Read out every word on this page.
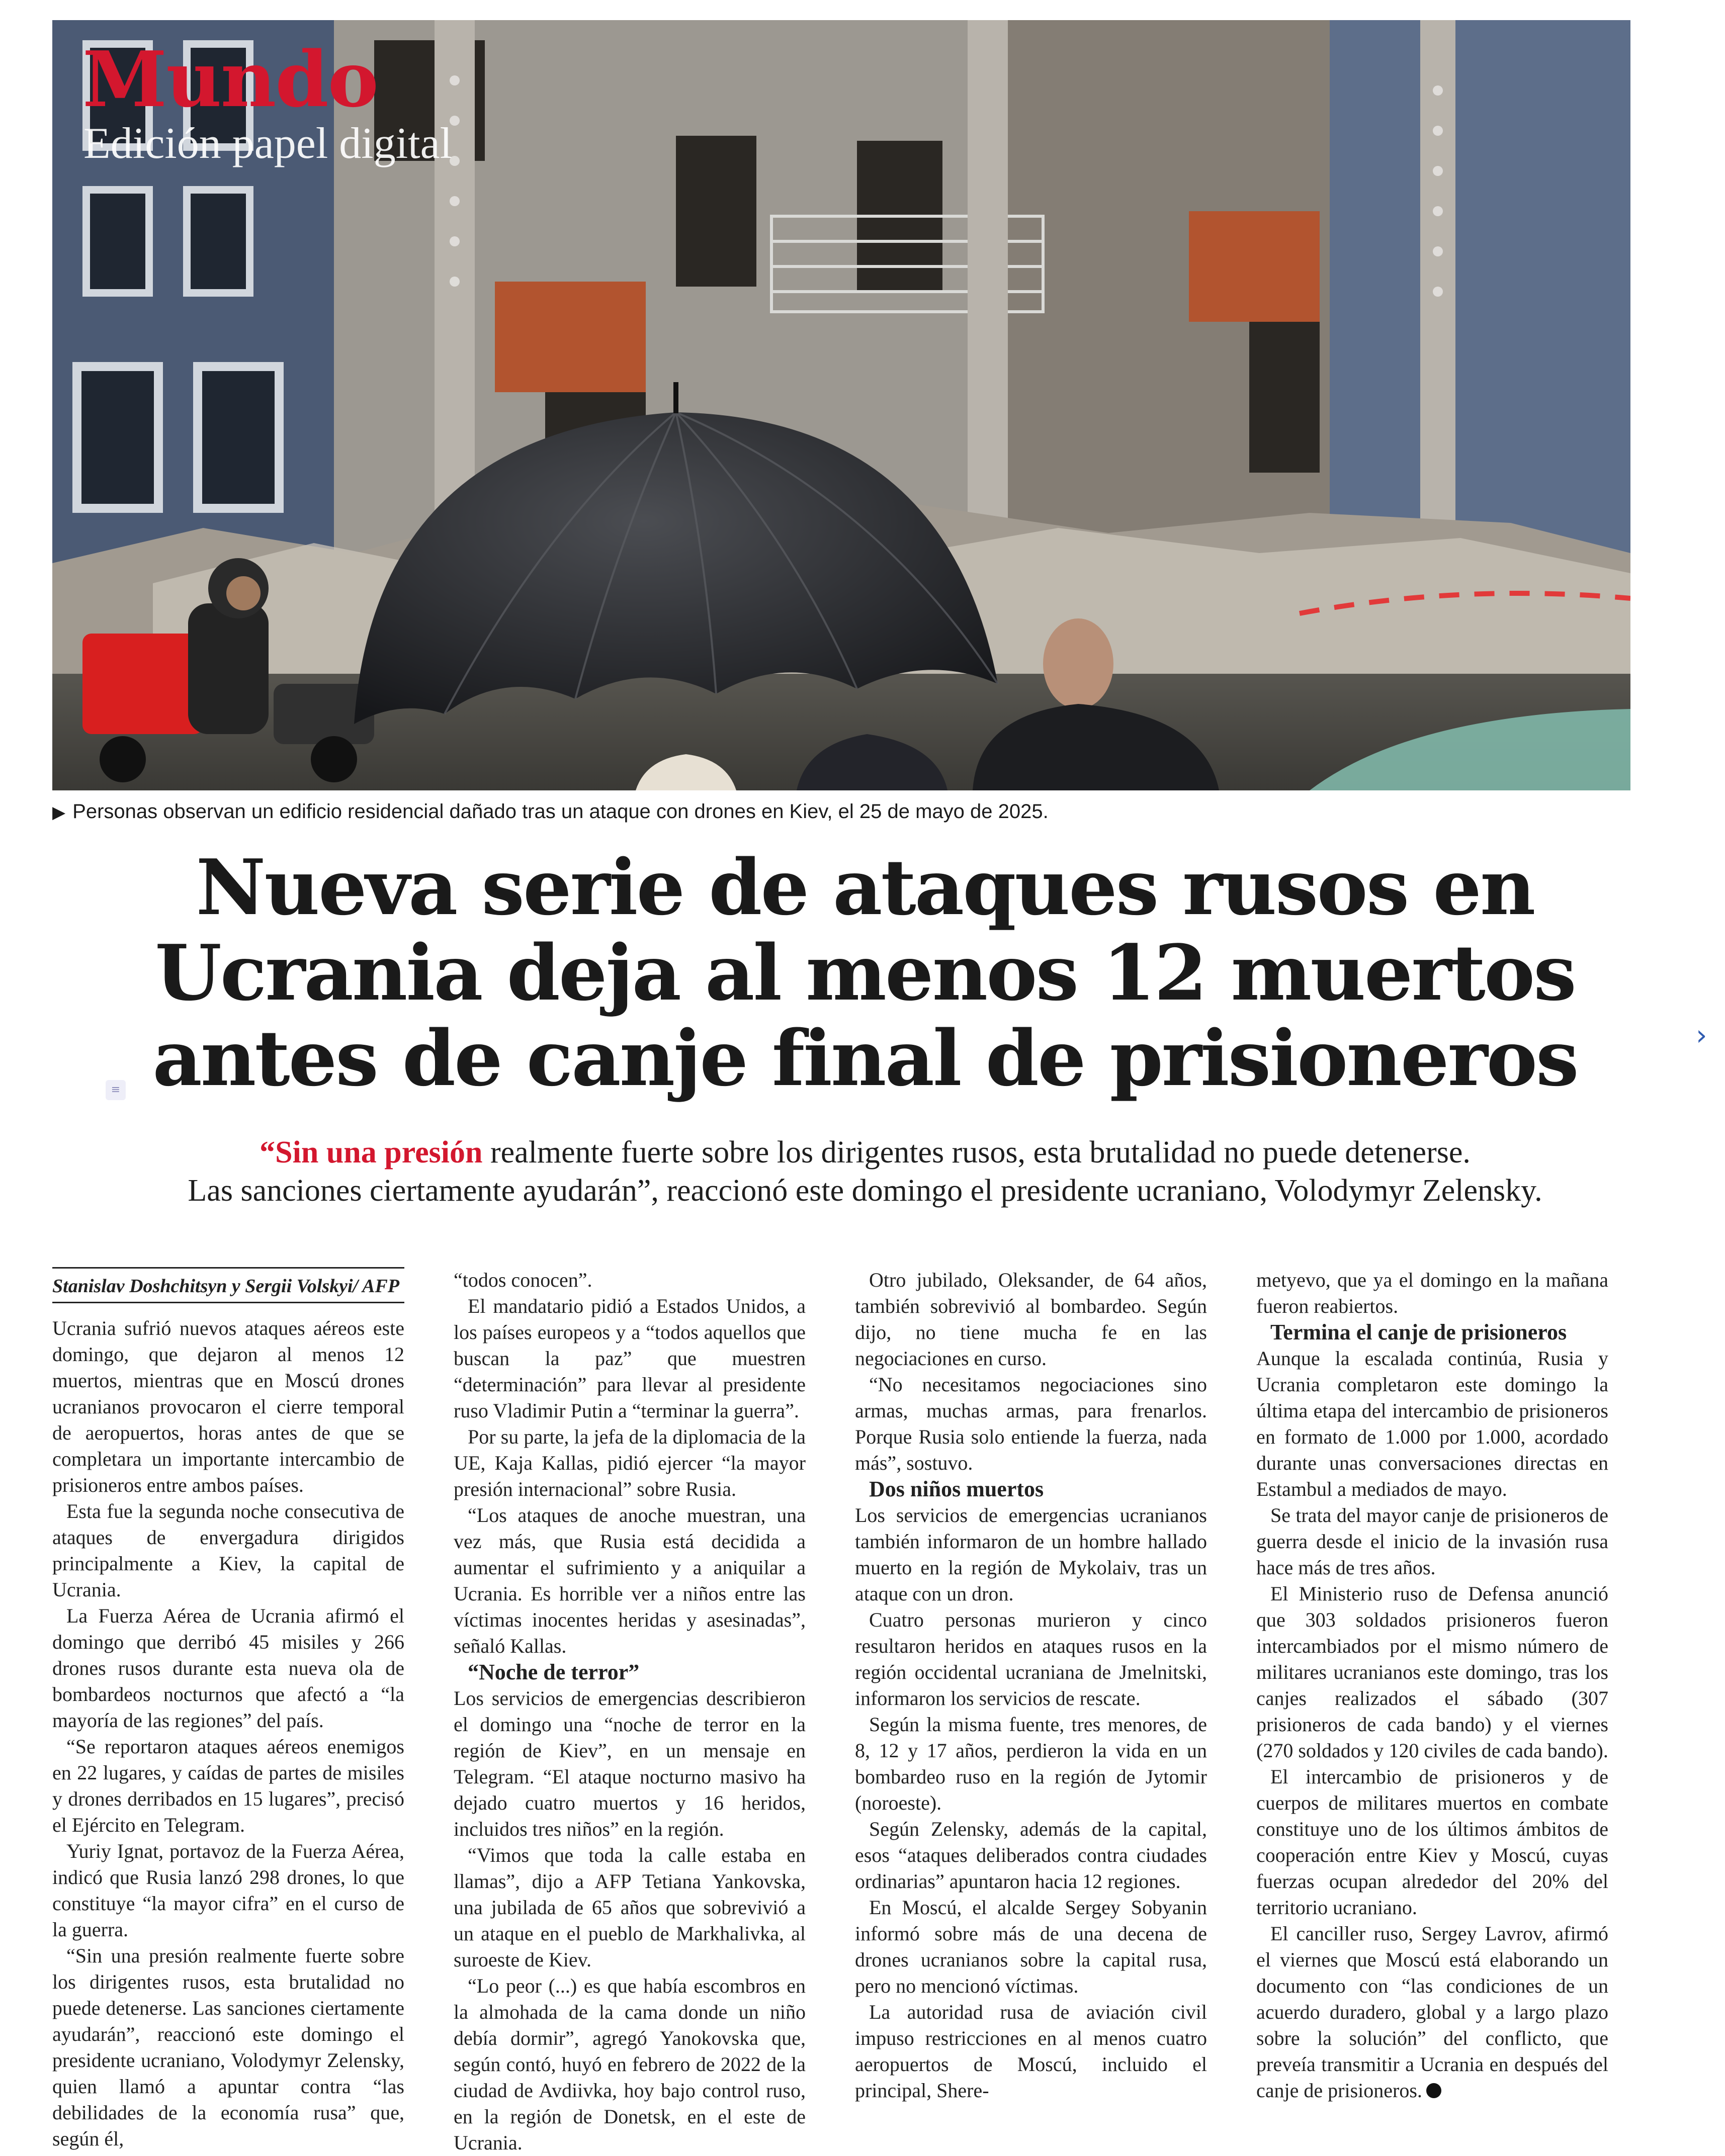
Mundo
Edición papel digital
▶ Personas observan un edificio residencial dañado tras un ataque con drones en Kiev, el 25 de mayo de 2025.
Nueva serie de ataques rusos en
Ucrania deja al menos 12 muertos
antes de canje final de prisioneros	›
≡
“Sin una presión realmente fuerte sobre los dirigentes rusos, esta brutalidad no puede detenerse.
Las sanciones ciertamente ayudarán”, reaccionó este domingo el presidente ucraniano, Volodymyr Zelensky.
Stanislav Doshchitsyn y Sergii Volskyi/ AFP

Ucrania sufrió nuevos ataques aéreos este domingo, que dejaron al menos 12 muertos, mientras que en Moscú drones ucranianos provocaron el cierre temporal de aeropuertos, horas antes de que se completara un importante intercambio de prisioneros entre ambos países.

Esta fue la segunda noche consecutiva de ataques de envergadura dirigidos principalmente a Kiev, la capital de Ucrania.

La Fuerza Aérea de Ucrania afirmó el domingo que derribó 45 misiles y 266 drones rusos durante esta nueva ola de bombardeos nocturnos que afectó a “la mayoría de las regiones” del país.

“Se reportaron ataques aéreos enemigos en 22 lugares, y caídas de partes de misiles y drones derribados en 15 lugares”, precisó el Ejército en Telegram.

Yuriy Ignat, portavoz de la Fuerza Aérea, indicó que Rusia lanzó 298 drones, lo que constituye “la mayor cifra” en el curso de la guerra.

“Sin una presión realmente fuerte sobre los dirigentes rusos, esta brutalidad no puede detenerse. Las sanciones ciertamente ayudarán”, reaccionó este domingo el presidente ucraniano, Volodymyr Zelensky, quien llamó a apuntar contra “las debilidades de la economía rusa” que, según él,

“todos conocen”.

El mandatario pidió a Estados Unidos, a los países europeos y a “todos aquellos que buscan la paz” que muestren “determinación” para llevar al presidente ruso Vladimir Putin a “terminar la guerra”.

Por su parte, la jefa de la diplomacia de la UE, Kaja Kallas, pidió ejercer “la mayor presión internacional” sobre Rusia.

“Los ataques de anoche muestran, una vez más, que Rusia está decidida a aumentar el sufrimiento y a aniquilar a Ucrania. Es horrible ver a niños entre las víctimas inocentes heridas y asesinadas”, señaló Kallas.

“Noche de terror”

Los servicios de emergencias describieron el domingo una “noche de terror en la región de Kiev”, en un mensaje en Telegram. “El ataque nocturno masivo ha dejado cuatro muertos y 16 heridos, incluidos tres niños” en la región.

“Vimos que toda la calle estaba en llamas”, dijo a AFP Tetiana Yankovska, una jubilada de 65 años que sobrevivió a un ataque en el pueblo de Markhalivka, al suroeste de Kiev.

“Lo peor (...) es que había escombros en la almohada de la cama donde un niño debía dormir”, agregó Yanokovska que, según contó, huyó en febrero de 2022 de la ciudad de Avdiivka, hoy bajo control ruso, en la región de Donetsk, en el este de Ucrania.

Otro jubilado, Oleksander, de 64 años, también sobrevivió al bombardeo. Según dijo, no tiene mucha fe en las negociaciones en curso.

“No necesitamos negociaciones sino armas, muchas armas, para frenarlos. Porque Rusia solo entiende la fuerza, nada más”, sostuvo.

Dos niños muertos

Los servicios de emergencias ucranianos también informaron de un hombre hallado muerto en la región de Mykolaiv, tras un ataque con un dron.

Cuatro personas murieron y cinco resultaron heridos en ataques rusos en la región occidental ucraniana de Jmelnitski, informaron los servicios de rescate.

Según la misma fuente, tres menores, de 8, 12 y 17 años, perdieron la vida en un bombardeo ruso en la región de Jytomir (noroeste).

Según Zelensky, además de la capital, esos “ataques deliberados contra ciudades ordinarias” apuntaron hacia 12 regiones.

En Moscú, el alcalde Sergey Sobyanin informó sobre más de una decena de drones ucranianos sobre la capital rusa, pero no mencionó víctimas.

La autoridad rusa de aviación civil impuso restricciones en al menos cuatro aeropuertos de Moscú, incluido el principal, Shere-

metyevo, que ya el domingo en la mañana fueron reabiertos.

Termina el canje de prisioneros

Aunque la escalada continúa, Rusia y Ucrania completaron este domingo la última etapa del intercambio de prisioneros en formato de 1.000 por 1.000, acordado durante unas conversaciones directas en Estambul a mediados de mayo.

Se trata del mayor canje de prisioneros de guerra desde el inicio de la invasión rusa hace más de tres años.

El Ministerio ruso de Defensa anunció que 303 soldados prisioneros fueron intercambiados por el mismo número de militares ucranianos este domingo, tras los canjes realizados el sábado (307 prisioneros de cada bando) y el viernes (270 soldados y 120 civiles de cada bando).

El intercambio de prisioneros y de cuerpos de militares muertos en combate constituye uno de los últimos ámbitos de cooperación entre Kiev y Moscú, cuyas fuerzas ocupan alrededor del 20% del territorio ucraniano.

El canciller ruso, Sergey Lavrov, afirmó el viernes que Moscú está elaborando un documento con “las condiciones de un acuerdo duradero, global y a largo plazo sobre la solución” del conflicto, que preveía transmitir a Ucrania en después del canje de prisioneros.
